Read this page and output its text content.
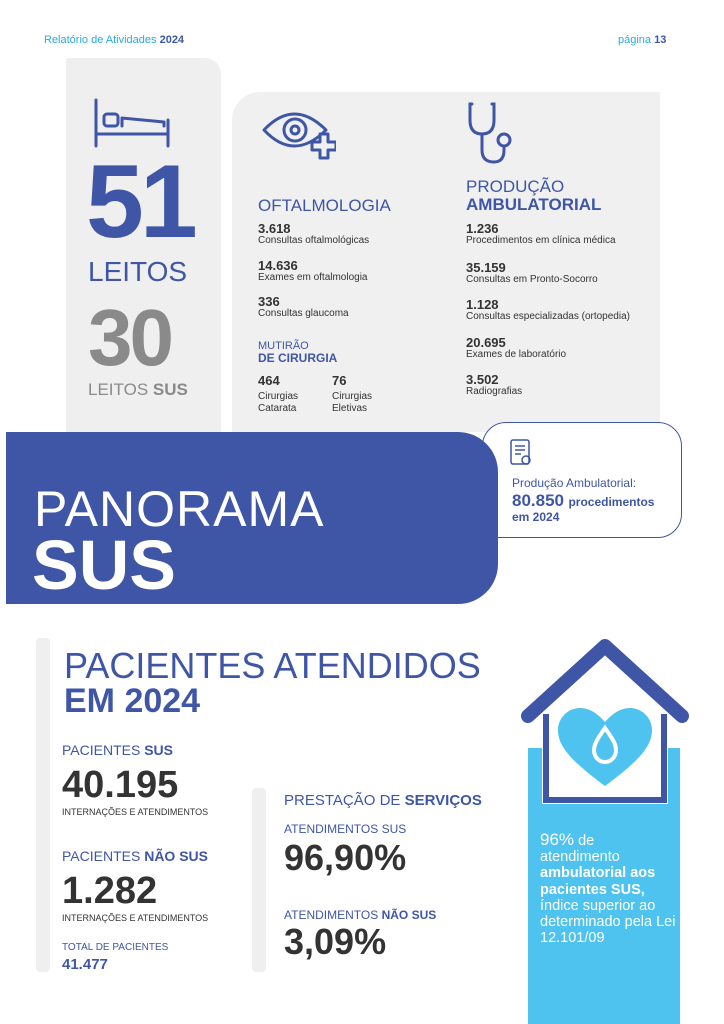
Relatório de Atividades 2024	página 13
51
LEITOS
30
LEITOS SUS
OFTALMOLOGIA
3.618
Consultas oftalmológicas
14.636
Exames em oftalmologia
336
Consultas glaucoma
MUTIRÃO
DE CIRURGIA
464
Cirurgias
Catarata
76
Cirurgias
Eletivas
PRODUÇÃO
AMBULATORIAL
1.236
Procedimentos em clínica médica
35.159
Consultas em Pronto-Socorro
1.128
Consultas especializadas (ortopedia)
20.695
Exames de laboratório
3.502
Radiografias
Produção Ambulatorial:
80.850 procedimentos
em 2024
PANORAMA
SUS
PACIENTES ATENDIDOS
EM 2024
PACIENTES SUS
40.195
INTERNAÇÕES E ATENDIMENTOS
PACIENTES NÃO SUS
1.282
INTERNAÇÕES E ATENDIMENTOS
TOTAL DE PACIENTES
41.477
PRESTAÇÃO DE SERVIÇOS
ATENDIMENTOS SUS
96,90%
ATENDIMENTOS NÃO SUS
3,09%
96% de
atendimento
ambulatorial aos pacientes SUS,
índice superior ao determinado pela Lei 12.101/09
